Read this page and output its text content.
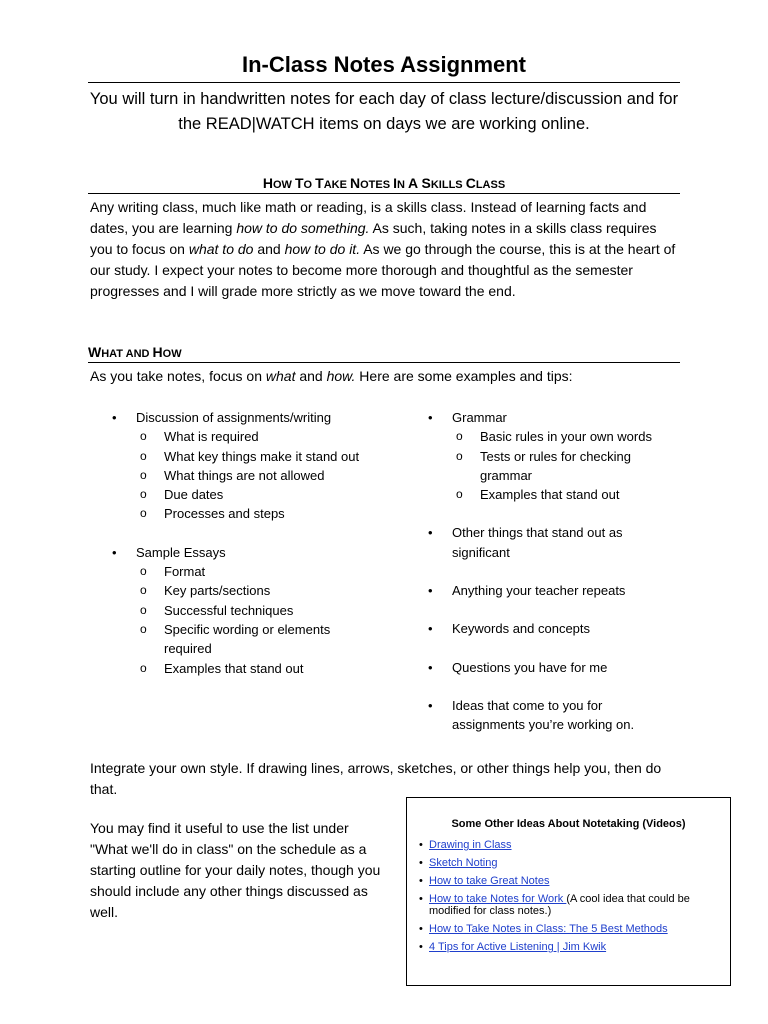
In-Class Notes Assignment
You will turn in handwritten notes for each day of class lecture/discussion and for the READ|WATCH items on days we are working online.
HOW TO TAKE NOTES IN A SKILLS CLASS
Any writing class, much like math or reading, is a skills class. Instead of learning facts and dates, you are learning how to do something. As such, taking notes in a skills class requires you to focus on what to do and how to do it. As we go through the course, this is at the heart of our study. I expect your notes to become more thorough and thoughtful as the semester progresses and I will grade more strictly as we move toward the end.
WHAT AND HOW
As you take notes, focus on what and how. Here are some examples and tips:
• Discussion of assignments/writing
o What is required
o What key things make it stand out
o What things are not allowed
o Due dates
o Processes and steps
• Sample Essays
o Format
o Key parts/sections
o Successful techniques
o Specific wording or elements required
o Examples that stand out
• Grammar
o Basic rules in your own words
o Tests or rules for checking grammar
o Examples that stand out
• Other things that stand out as significant
• Anything your teacher repeats
• Keywords and concepts
• Questions you have for me
• Ideas that come to you for assignments you’re working on.
Integrate your own style. If drawing lines, arrows, sketches, or other things help you, then do that.
You may find it useful to use the list under "What we'll do in class" on the schedule as a starting outline for your daily notes, though you should include any other things discussed as well.
Some Other Ideas About Notetaking (Videos)
• Drawing in Class
• Sketch Noting
• How to take Great Notes
• How to take Notes for Work (A cool idea that could be modified for class notes.)
• How to Take Notes in Class: The 5 Best Methods
• 4 Tips for Active Listening | Jim Kwik
